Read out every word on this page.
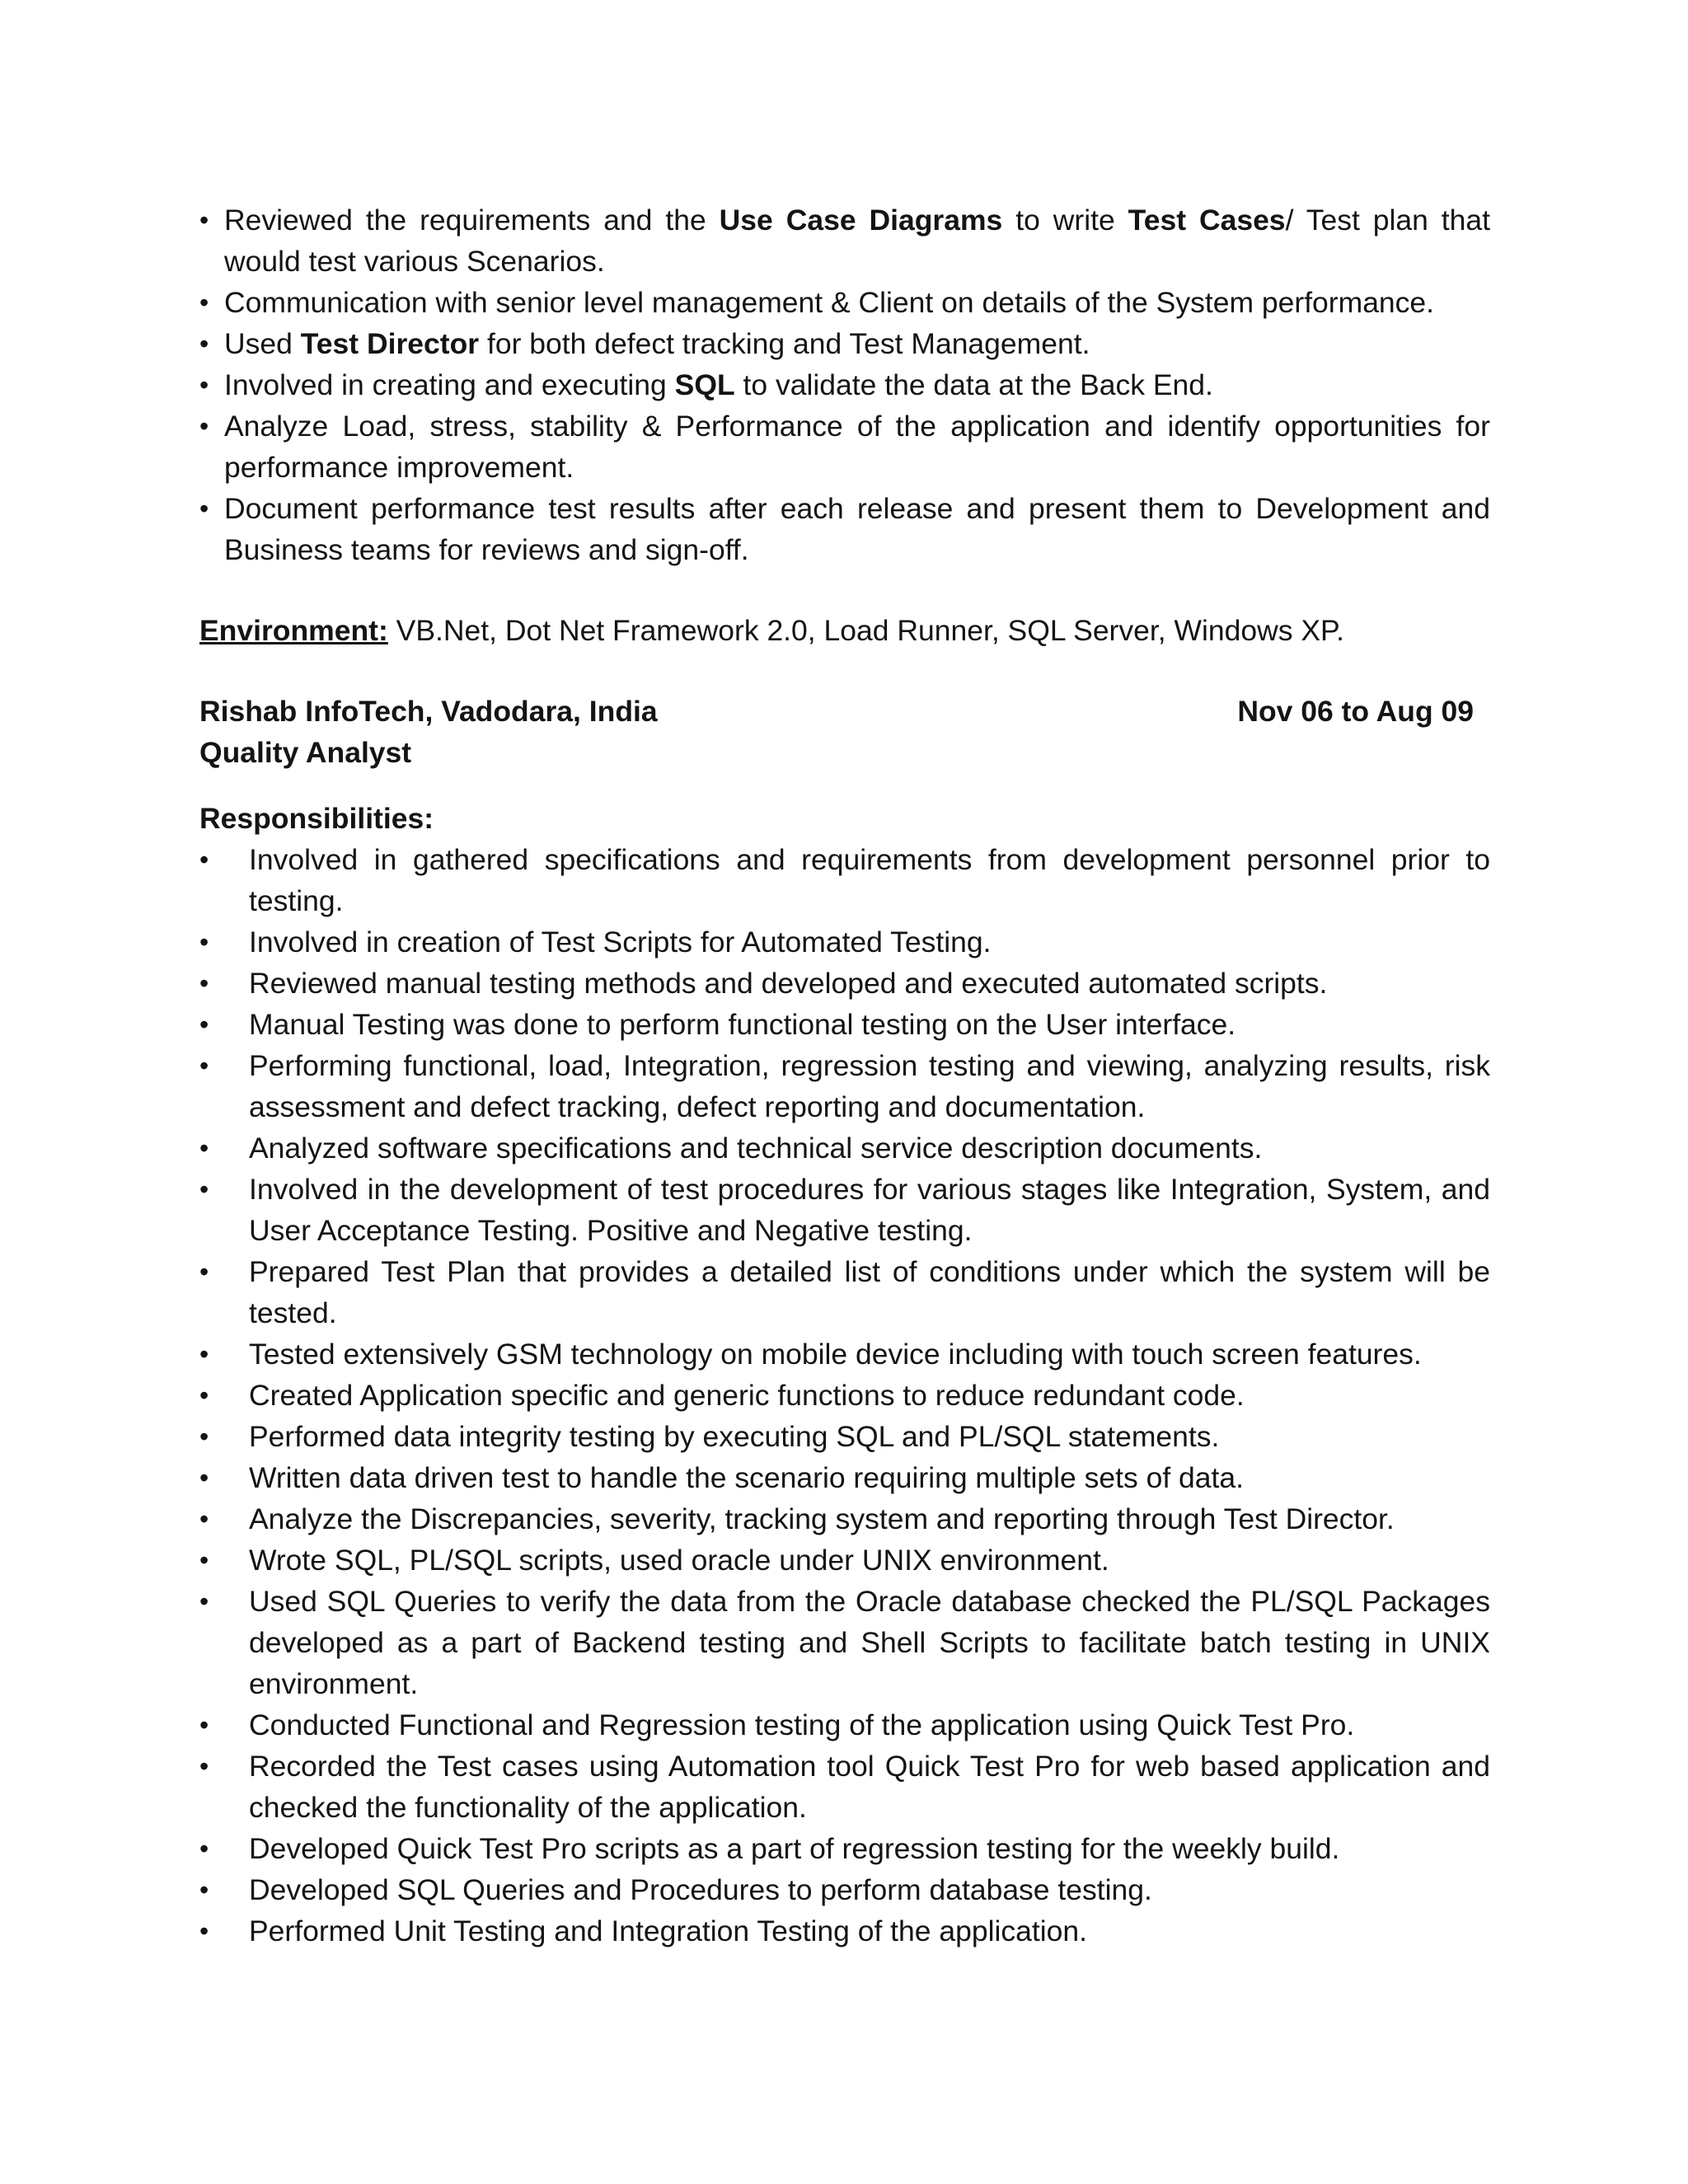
• Reviewed the requirements and the Use Case Diagrams to write Test Cases/ Test plan that would test various Scenarios.
• Communication with senior level management & Client on details of the System performance.
• Used Test Director for both defect tracking and Test Management.
• Involved in creating and executing SQL to validate the data at the Back End.
• Analyze Load, stress, stability & Performance of the application and identify opportunities for performance improvement.
• Document performance test results after each release and present them to Development and Business teams for reviews and sign-off.
Environment: VB.Net, Dot Net Framework 2.0, Load Runner, SQL Server, Windows XP.
Rishab InfoTech, Vadodara, India	Nov 06 to Aug 09
Quality Analyst
Responsibilities:
•	Involved in gathered specifications and requirements from development personnel prior to testing.
•	Involved in creation of Test Scripts for Automated Testing.
•	Reviewed manual testing methods and developed and executed automated scripts.
•	Manual Testing was done to perform functional testing on the User interface.
•	Performing functional, load, Integration, regression testing and viewing, analyzing results, risk assessment and defect tracking, defect reporting and documentation.
•	Analyzed software specifications and technical service description documents.
•	Involved in the development of test procedures for various stages like Integration, System, and User Acceptance Testing. Positive and Negative testing.
•	Prepared Test Plan that provides a detailed list of conditions under which the system will be tested.
•	Tested extensively GSM technology on mobile device including with touch screen features.
•	Created Application specific and generic functions to reduce redundant code.
•	Performed data integrity testing by executing SQL and PL/SQL statements.
•	Written data driven test to handle the scenario requiring multiple sets of data.
•	Analyze the Discrepancies, severity, tracking system and reporting through Test Director.
•	Wrote SQL, PL/SQL scripts, used oracle under UNIX environment.
•	Used SQL Queries to verify the data from the Oracle database checked the PL/SQL Packages developed as a part of Backend testing and Shell Scripts to facilitate batch testing in UNIX environment.
•	Conducted Functional and Regression testing of the application using Quick Test Pro.
•	Recorded the Test cases using Automation tool Quick Test Pro for web based application and checked the functionality of the application.
•	Developed Quick Test Pro scripts as a part of regression testing for the weekly build.
•	Developed SQL Queries and Procedures to perform database testing.
•	Performed Unit Testing and Integration Testing of the application.
